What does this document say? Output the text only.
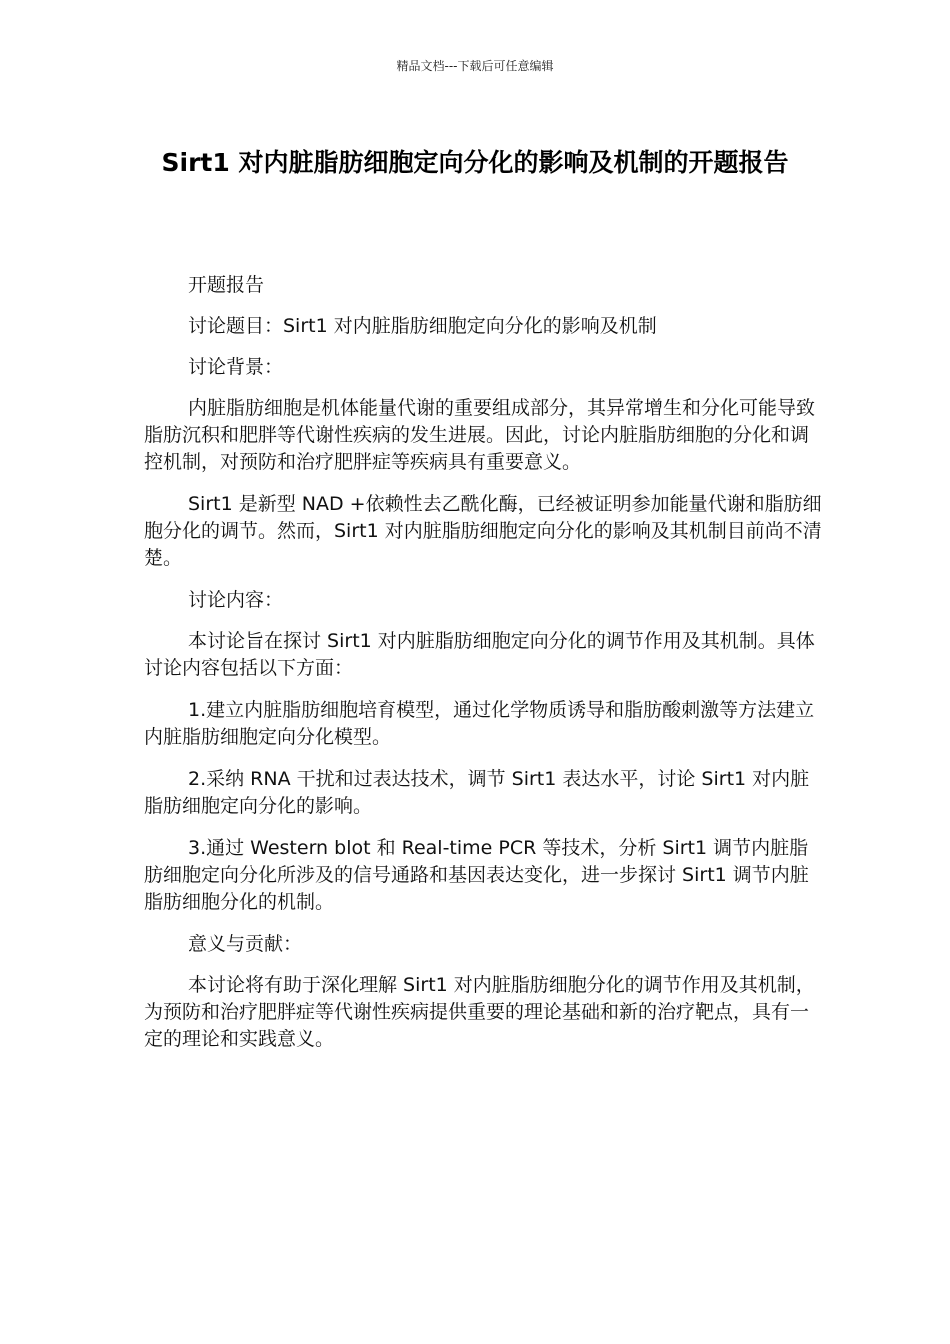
精品文档---下载后可任意编辑
Sirt1 对内脏脂肪细胞定向分化的影响及机制的开题报告

开题报告

讨论题目：Sirt1 对内脏脂肪细胞定向分化的影响及机制

讨论背景：

内脏脂肪细胞是机体能量代谢的重要组成部分，其异常增生和分化可能导致脂肪沉积和肥胖等代谢性疾病的发生进展。因此，讨论内脏脂肪细胞的分化和调控机制，对预防和治疗肥胖症等疾病具有重要意义。

Sirt1 是新型 NAD +依赖性去乙酰化酶，已经被证明参加能量代谢和脂肪细胞分化的调节。然而，Sirt1 对内脏脂肪细胞定向分化的影响及其机制目前尚不清楚。

讨论内容：

本讨论旨在探讨 Sirt1 对内脏脂肪细胞定向分化的调节作用及其机制。具体讨论内容包括以下方面：

1.建立内脏脂肪细胞培育模型，通过化学物质诱导和脂肪酸刺激等方法建立内脏脂肪细胞定向分化模型。

2.采纳 RNA 干扰和过表达技术，调节 Sirt1 表达水平，讨论 Sirt1 对内脏脂肪细胞定向分化的影响。

3.通过 Western blot 和 Real-time PCR 等技术，分析 Sirt1 调节内脏脂肪细胞定向分化所涉及的信号通路和基因表达变化，进一步探讨 Sirt1 调节内脏脂肪细胞分化的机制。

意义与贡献：

本讨论将有助于深化理解 Sirt1 对内脏脂肪细胞分化的调节作用及其机制，为预防和治疗肥胖症等代谢性疾病提供重要的理论基础和新的治疗靶点，具有一定的理论和实践意义。
